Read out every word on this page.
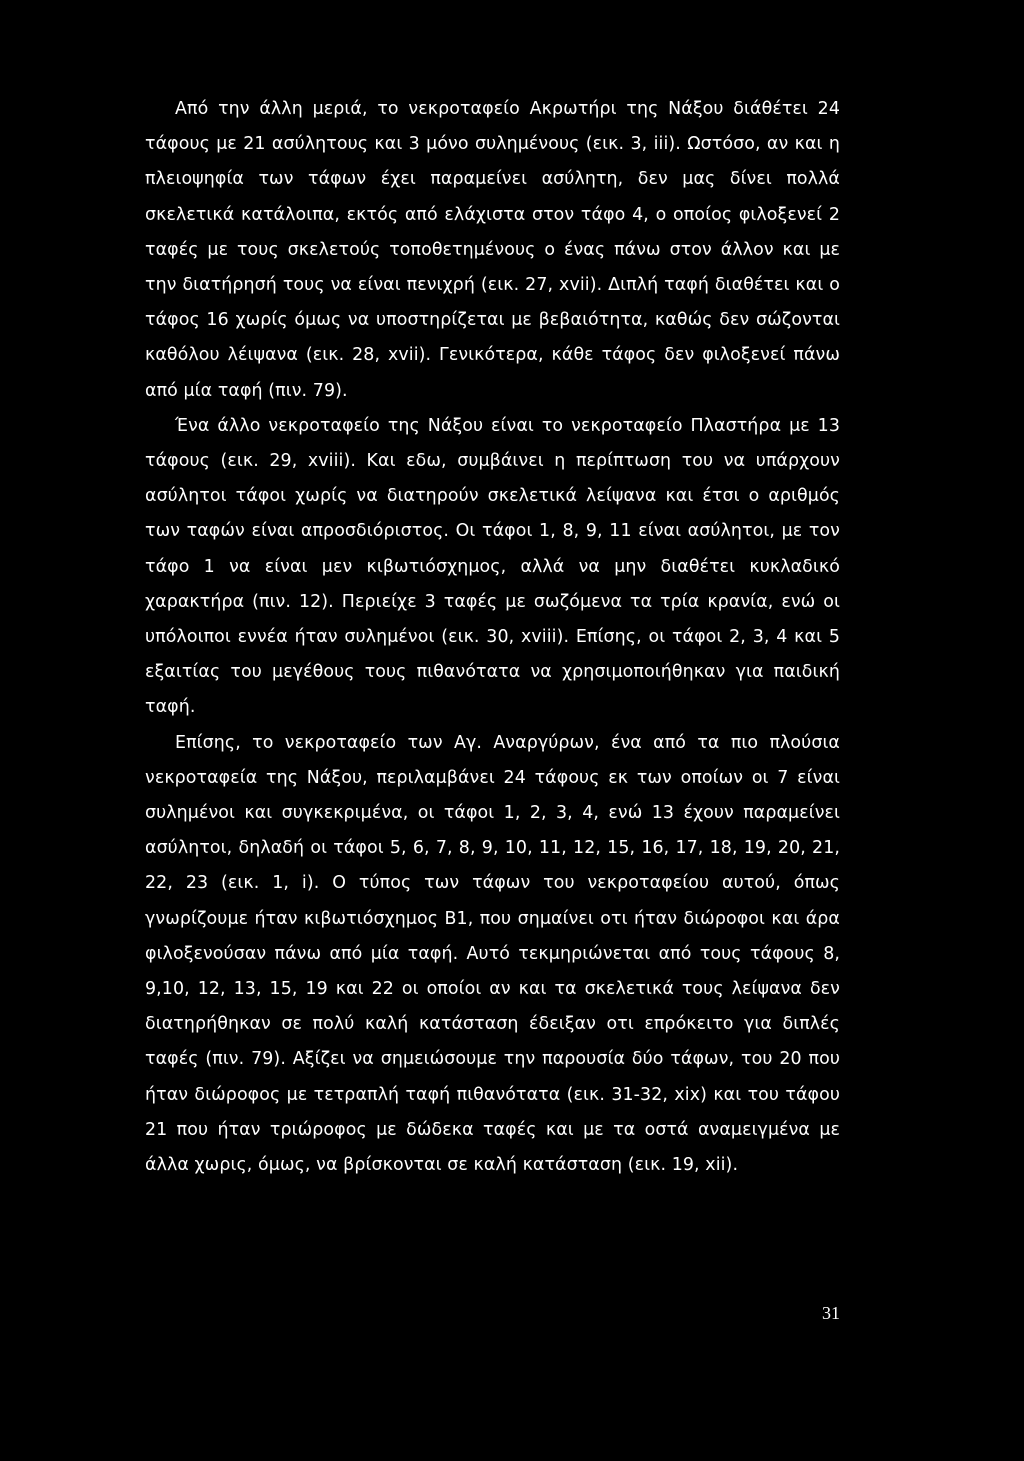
Από την άλλη μεριά, το νεκροταφείο Ακρωτήρι της Νάξου διάθέτει 24 τάφους με 21 ασύλητους και 3 μόνο συλημένους (εικ. 3, iii). Ωστόσο, αν και η πλειοψηφία των τάφων έχει παραμείνει ασύλητη, δεν μας δίνει πολλά σκελετικά κατάλοιπα, εκτός από ελάχιστα στον τάφο 4, ο οποίος φιλοξενεί 2 ταφές με τους σκελετούς τοποθετημένους ο ένας πάνω στον άλλον και με την διατήρησή τους να είναι πενιχρή (εικ. 27, xvii). Διπλή ταφή διαθέτει και ο τάφος 16 χωρίς όμως να υποστηρίζεται με βεβαιότητα, καθώς δεν σώζονται καθόλου λέιψανα (εικ. 28, xvii). Γενικότερα, κάθε τάφος δεν φιλοξενεί πάνω από μία ταφή (πιν. 79).

Ένα άλλο νεκροταφείο της Νάξου είναι το νεκροταφείο Πλαστήρα με 13 τάφους (εικ. 29, xviii). Και εδω, συμβάινει η περίπτωση του να υπάρχουν ασύλητοι τάφοι χωρίς να διατηρούν σκελετικά λείψανα και έτσι ο αριθμός των ταφών είναι απροσδιόριστος. Οι τάφοι 1, 8, 9, 11 είναι ασύλητοι, με τον τάφο 1 να είναι μεν κιβωτιόσχημος, αλλά να μην διαθέτει κυκλαδικό χαρακτήρα (πιν. 12). Περιείχε 3 ταφές με σωζόμενα τα τρία κρανία, ενώ οι υπόλοιποι εννέα ήταν συλημένοι (εικ. 30, xviii). Επίσης, οι τάφοι 2, 3, 4 και 5 εξαιτίας του μεγέθους τους πιθανότατα να χρησιμοποιήθηκαν για παιδική ταφή.

Επίσης, το νεκροταφείο των Αγ. Αναργύρων, ένα από τα πιο πλούσια νεκροταφεία της Νάξου, περιλαμβάνει 24 τάφους εκ των οποίων οι 7 είναι συλημένοι και συγκεκριμένα, οι τάφοι 1, 2, 3, 4, ενώ 13 έχουν παραμείνει ασύλητοι, δηλαδή οι τάφοι 5, 6, 7, 8, 9, 10, 11, 12, 15, 16, 17, 18, 19, 20, 21, 22, 23 (εικ. 1, i). Ο τύπος των τάφων του νεκροταφείου αυτού, όπως γνωρίζουμε ήταν κιβωτιόσχημος Β1, που σημαίνει οτι ήταν διώροφοι και άρα φιλοξενούσαν πάνω από μία ταφή. Αυτό τεκμηριώνεται από τους τάφους 8, 9,10, 12, 13, 15, 19 και 22 οι οποίοι αν και τα σκελετικά τους λείψανα δεν διατηρήθηκαν σε πολύ καλή κατάσταση έδειξαν οτι επρόκειτο για διπλές ταφές (πιν. 79). Αξίζει να σημειώσουμε την παρουσία δύο τάφων, του 20 που ήταν διώροφος με τετραπλή ταφή πιθανότατα (εικ. 31-32, xix) και του τάφου 21 που ήταν τριώροφος με δώδεκα ταφές και με τα οστά αναμειγμένα με άλλα χωρις, όμως, να βρίσκονται σε καλή κατάσταση (εικ. 19, xii).

31
